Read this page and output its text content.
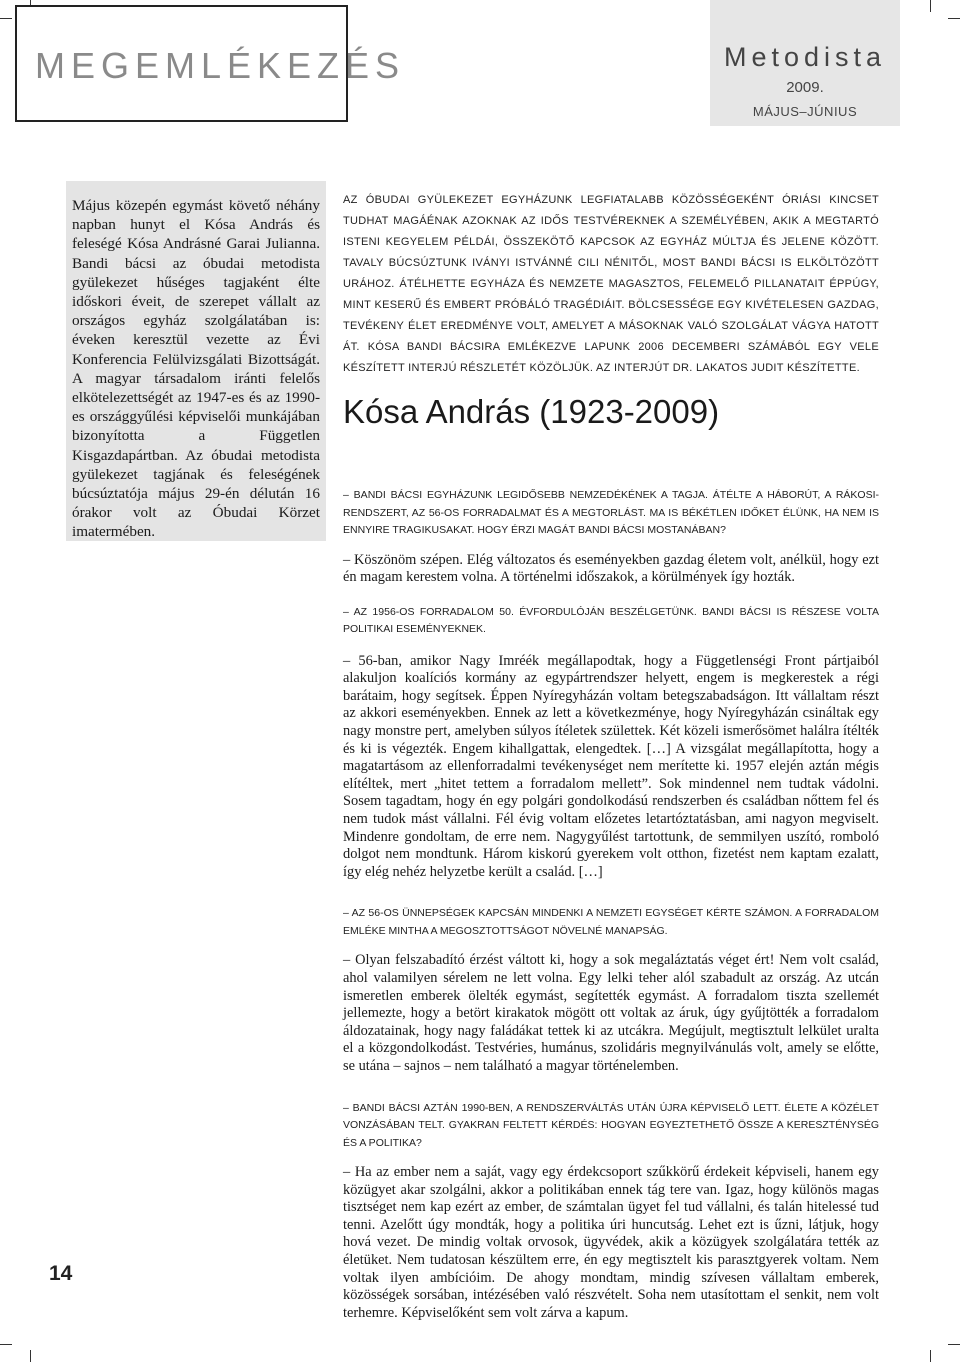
MEGEMLÉKEZÉS	Metodista
2009.
MÁJUS–JÚNIUS

Május közepén egymást követő néhány napban hunyt el Kósa András és feleségé Kósa Andrásné Garai Julianna. Bandi bácsi az óbudai metodista gyülekezet hűséges tagjaként élte időskori éveit, de szerepet vállalt az országos egyház szolgálatában is: éveken keresztül vezette az Évi Konferencia Felülvizsgálati Bizottságát. A magyar társadalom iránti felelős elkötelezettségét az 1947-es és az 1990-es országgyűlési képviselői munkájában bizonyította a Független Kisgazdapártban. Az óbudai metodista gyülekezet tagjának és feleségének búcsúztatója május 29-én délután 16 órakor volt az Óbudai Körzet imatermében.

AZ ÓBUDAI GYÜLEKEZET EGYHÁZUNK LEGFIATALABB KÖZÖSSÉGEKÉNT ÓRIÁSI KINCSET TUDHAT MAGÁÉNAK AZOKNAK AZ IDŐS TESTVÉREKNEK A SZEMÉLYÉBEN, AKIK A MEGTARTÓ ISTENI KEGYELEM PÉLDÁI, ÖSSZEKÖTŐ KAPCSOK AZ EGYHÁZ MÚLTJA ÉS JELENE KÖZÖTT. TAVALY BÚCSÚZTUNK IVÁNYI ISTVÁNNÉ CILI NÉNITŐL, MOST BANDI BÁCSI IS ELKÖLTÖZÖTT URÁHOZ. ÁTÉLHETTE EGYHÁZA ÉS NEMZETE MAGASZTOS, FELEMELŐ PILLANATAIT ÉPPÚGY, MINT KESERŰ ÉS EMBERT PRÓBÁLÓ TRAGÉDIÁIT. BÖLCSESSÉGE EGY KIVÉTELESEN GAZDAG, TEVÉKENY ÉLET EREDMÉNYE VOLT, AMELYET A MÁSOKNAK VALÓ SZOLGÁLAT VÁGYA HATOTT ÁT. KÓSA BANDI BÁCSIRA EMLÉKEZVE LAPUNK 2006 DECEMBERI SZÁMÁBÓL EGY VELE KÉSZÍTETT INTERJÚ RÉSZLETÉT KÖZÖLJÜK. AZ INTERJÚT DR. LAKATOS JUDIT KÉSZÍTETTE.

Kósa András (1923-2009)

– BANDI BÁCSI EGYHÁZUNK LEGIDŐSEBB NEMZEDÉKÉNEK A TAGJA. ÁTÉLTE A HÁBORÚT, A RÁKOSI-RENDSZERT, AZ 56-OS FORRADALMAT ÉS A MEGTORLÁST. MA IS BÉKÉTLEN IDŐKET ÉLÜNK, HA NEM IS ENNYIRE TRAGIKUSAKAT. HOGY ÉRZI MAGÁT BANDI BÁCSI MOSTANÁBAN?

– Köszönöm szépen. Elég változatos és eseményekben gazdag életem volt, anélkül, hogy ezt én magam kerestem volna. A történelmi időszakok, a körülmények így hozták.

– AZ 1956-OS FORRADALOM 50. ÉVFORDULÓJÁN BESZÉLGETÜNK. BANDI BÁCSI IS RÉSZESE VOLTA POLITIKAI ESEMÉNYEKNEK.

– 56-ban, amikor Nagy Imréék megállapodtak, hogy a Függetlenségi Front pártjaiból alakuljon koalíciós kormány az egypártrendszer helyett, engem is megkerestek a régi barátaim, hogy segítsek. Éppen Nyíregyházán voltam betegszabadságon. Itt vállaltam részt az akkori eseményekben. Ennek az lett a következménye, hogy Nyíregyházán csináltak egy nagy monstre pert, amelyben súlyos ítéletek születtek. Két közeli ismerősömet halálra ítélték és ki is végezték. Engem kihallgattak, elengedtek. […] A vizsgálat megállapította, hogy a magatartásom az ellenforradalmi tevékenységet nem merítette ki. 1957 elején aztán mégis elítéltek, mert „hitet tettem a forradalom mellett”. Sok mindennel nem tudtak vádolni. Sosem tagadtam, hogy én egy polgári gondolkodású rendszerben és családban nőttem fel és nem tudok mást vállalni. Fél évig voltam előzetes letartóztatásban, ami nagyon megviselt. Mindenre gondoltam, de erre nem. Nagygyűlést tartottunk, de semmilyen uszító, romboló dolgot nem mondtunk. Három kiskorú gyerekem volt otthon, fizetést nem kaptam ezalatt, így elég nehéz helyzetbe került a család. […]

– AZ 56-OS ÜNNEPSÉGEK KAPCSÁN MINDENKI A NEMZETI EGYSÉGET KÉRTE SZÁMON. A FORRADALOM EMLÉKE MINTHA A MEGOSZTOTTSÁGOT NÖVELNÉ MANAPSÁG.

– Olyan felszabadító érzést váltott ki, hogy a sok megaláztatás véget ért! Nem volt család, ahol valamilyen sérelem ne lett volna. Egy lelki teher alól szabadult az ország. Az utcán ismeretlen emberek ölelték egymást, segítették egymást. A forradalom tiszta szellemét jellemezte, hogy a betört kirakatok mögött ott voltak az áruk, úgy gyűjtötték a forradalom áldozatainak, hogy nagy faládákat tettek ki az utcákra. Megújult, megtisztult lelkület uralta el a közgondolkodást. Testvéries, humánus, szolidáris megnyilvánulás volt, amely se előtte, se utána – sajnos – nem található a magyar történelemben.

– BANDI BÁCSI AZTÁN 1990-BEN, A RENDSZERVÁLTÁS UTÁN ÚJRA KÉPVISELŐ LETT. ÉLETE A KÖZÉLET VONZÁSÁBAN TELT. GYAKRAN FELTETT KÉRDÉS: HOGYAN EGYEZTETHETŐ ÖSSZE A KERESZTÉNYSÉG ÉS A POLITIKA?

– Ha az ember nem a saját, vagy egy érdekcsoport szűkkörű érdekeit képviseli, hanem egy közügyet akar szolgálni, akkor a politikában ennek tág tere van. Igaz, hogy különös magas tisztséget nem kap ezért az ember, de számtalan ügyet fel tud vállalni, és talán hitelessé tud tenni. Azelőtt úgy mondták, hogy a politika úri huncutság. Lehet ezt is űzni, látjuk, hogy hová vezet. De mindig voltak orvosok, ügyvédek, akik a közügyek szolgálatára tették az életüket. Nem tudatosan készültem erre, én egy megtisztelt kis parasztgyerek voltam. Nem voltak ilyen ambícióim. De ahogy mondtam, mindig szívesen vállaltam emberek, közösségek sorsában, intézésében való részvételt. Soha nem utasítottam el senkit, nem volt terhemre. Képviselőként sem volt zárva a kapum.

14
